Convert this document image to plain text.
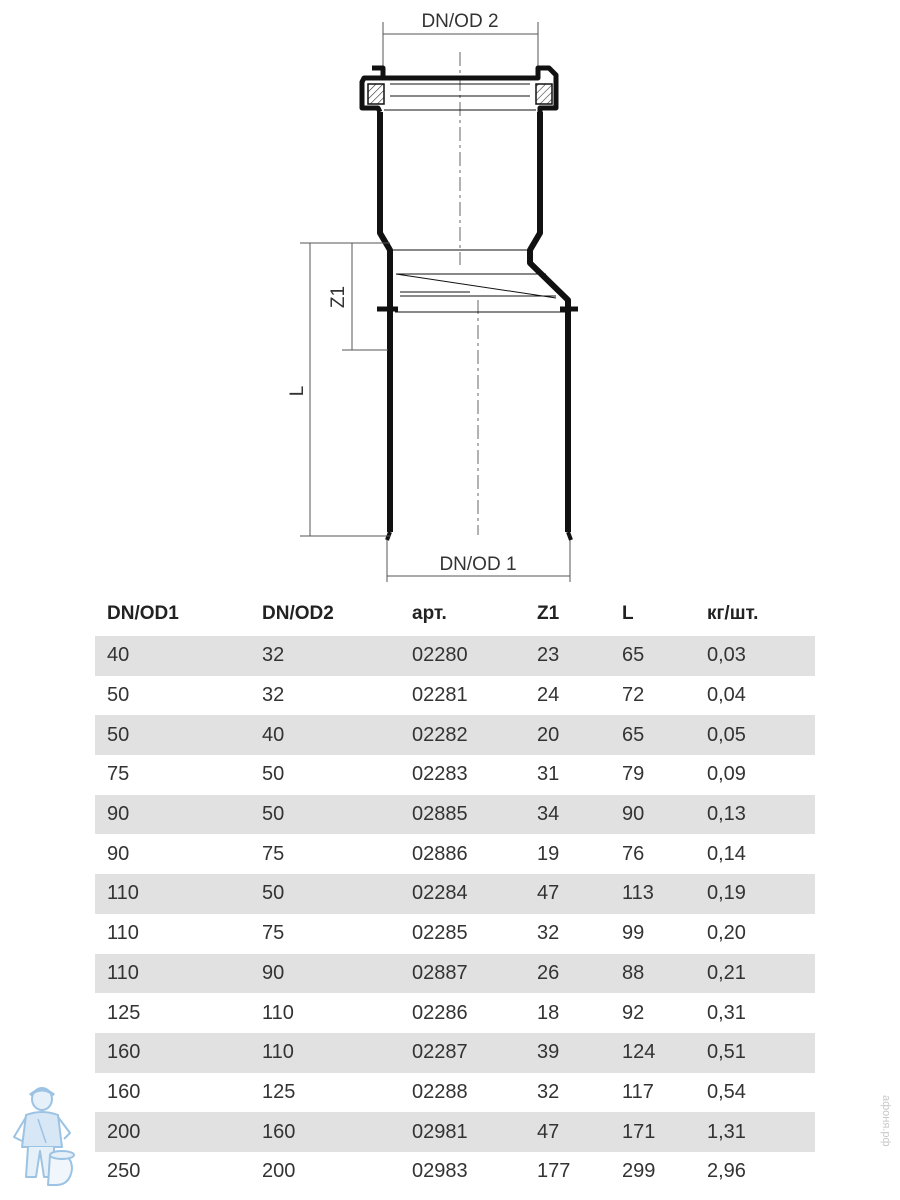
DN/OD 2
Z1
L
DN/OD 1
DN/OD1	DN/OD2	арт.	Z1	L	кг/шт.
40	32	02280	23	65	0,03
50	32	02281	24	72	0,04
50	40	02282	20	65	0,05
75	50	02283	31	79	0,09
90	50	02885	34	90	0,13
90	75	02886	19	76	0,14
110	50	02284	47	113	0,19
110	75	02285	32	99	0,20
110	90	02887	26	88	0,21
125	110	02286	18	92	0,31
160	110	02287	39	124	0,51
160	125	02288	32	117	0,54
200	160	02981	47	171	1,31
250	200	02983	177	299	2,96
афоня.рф
